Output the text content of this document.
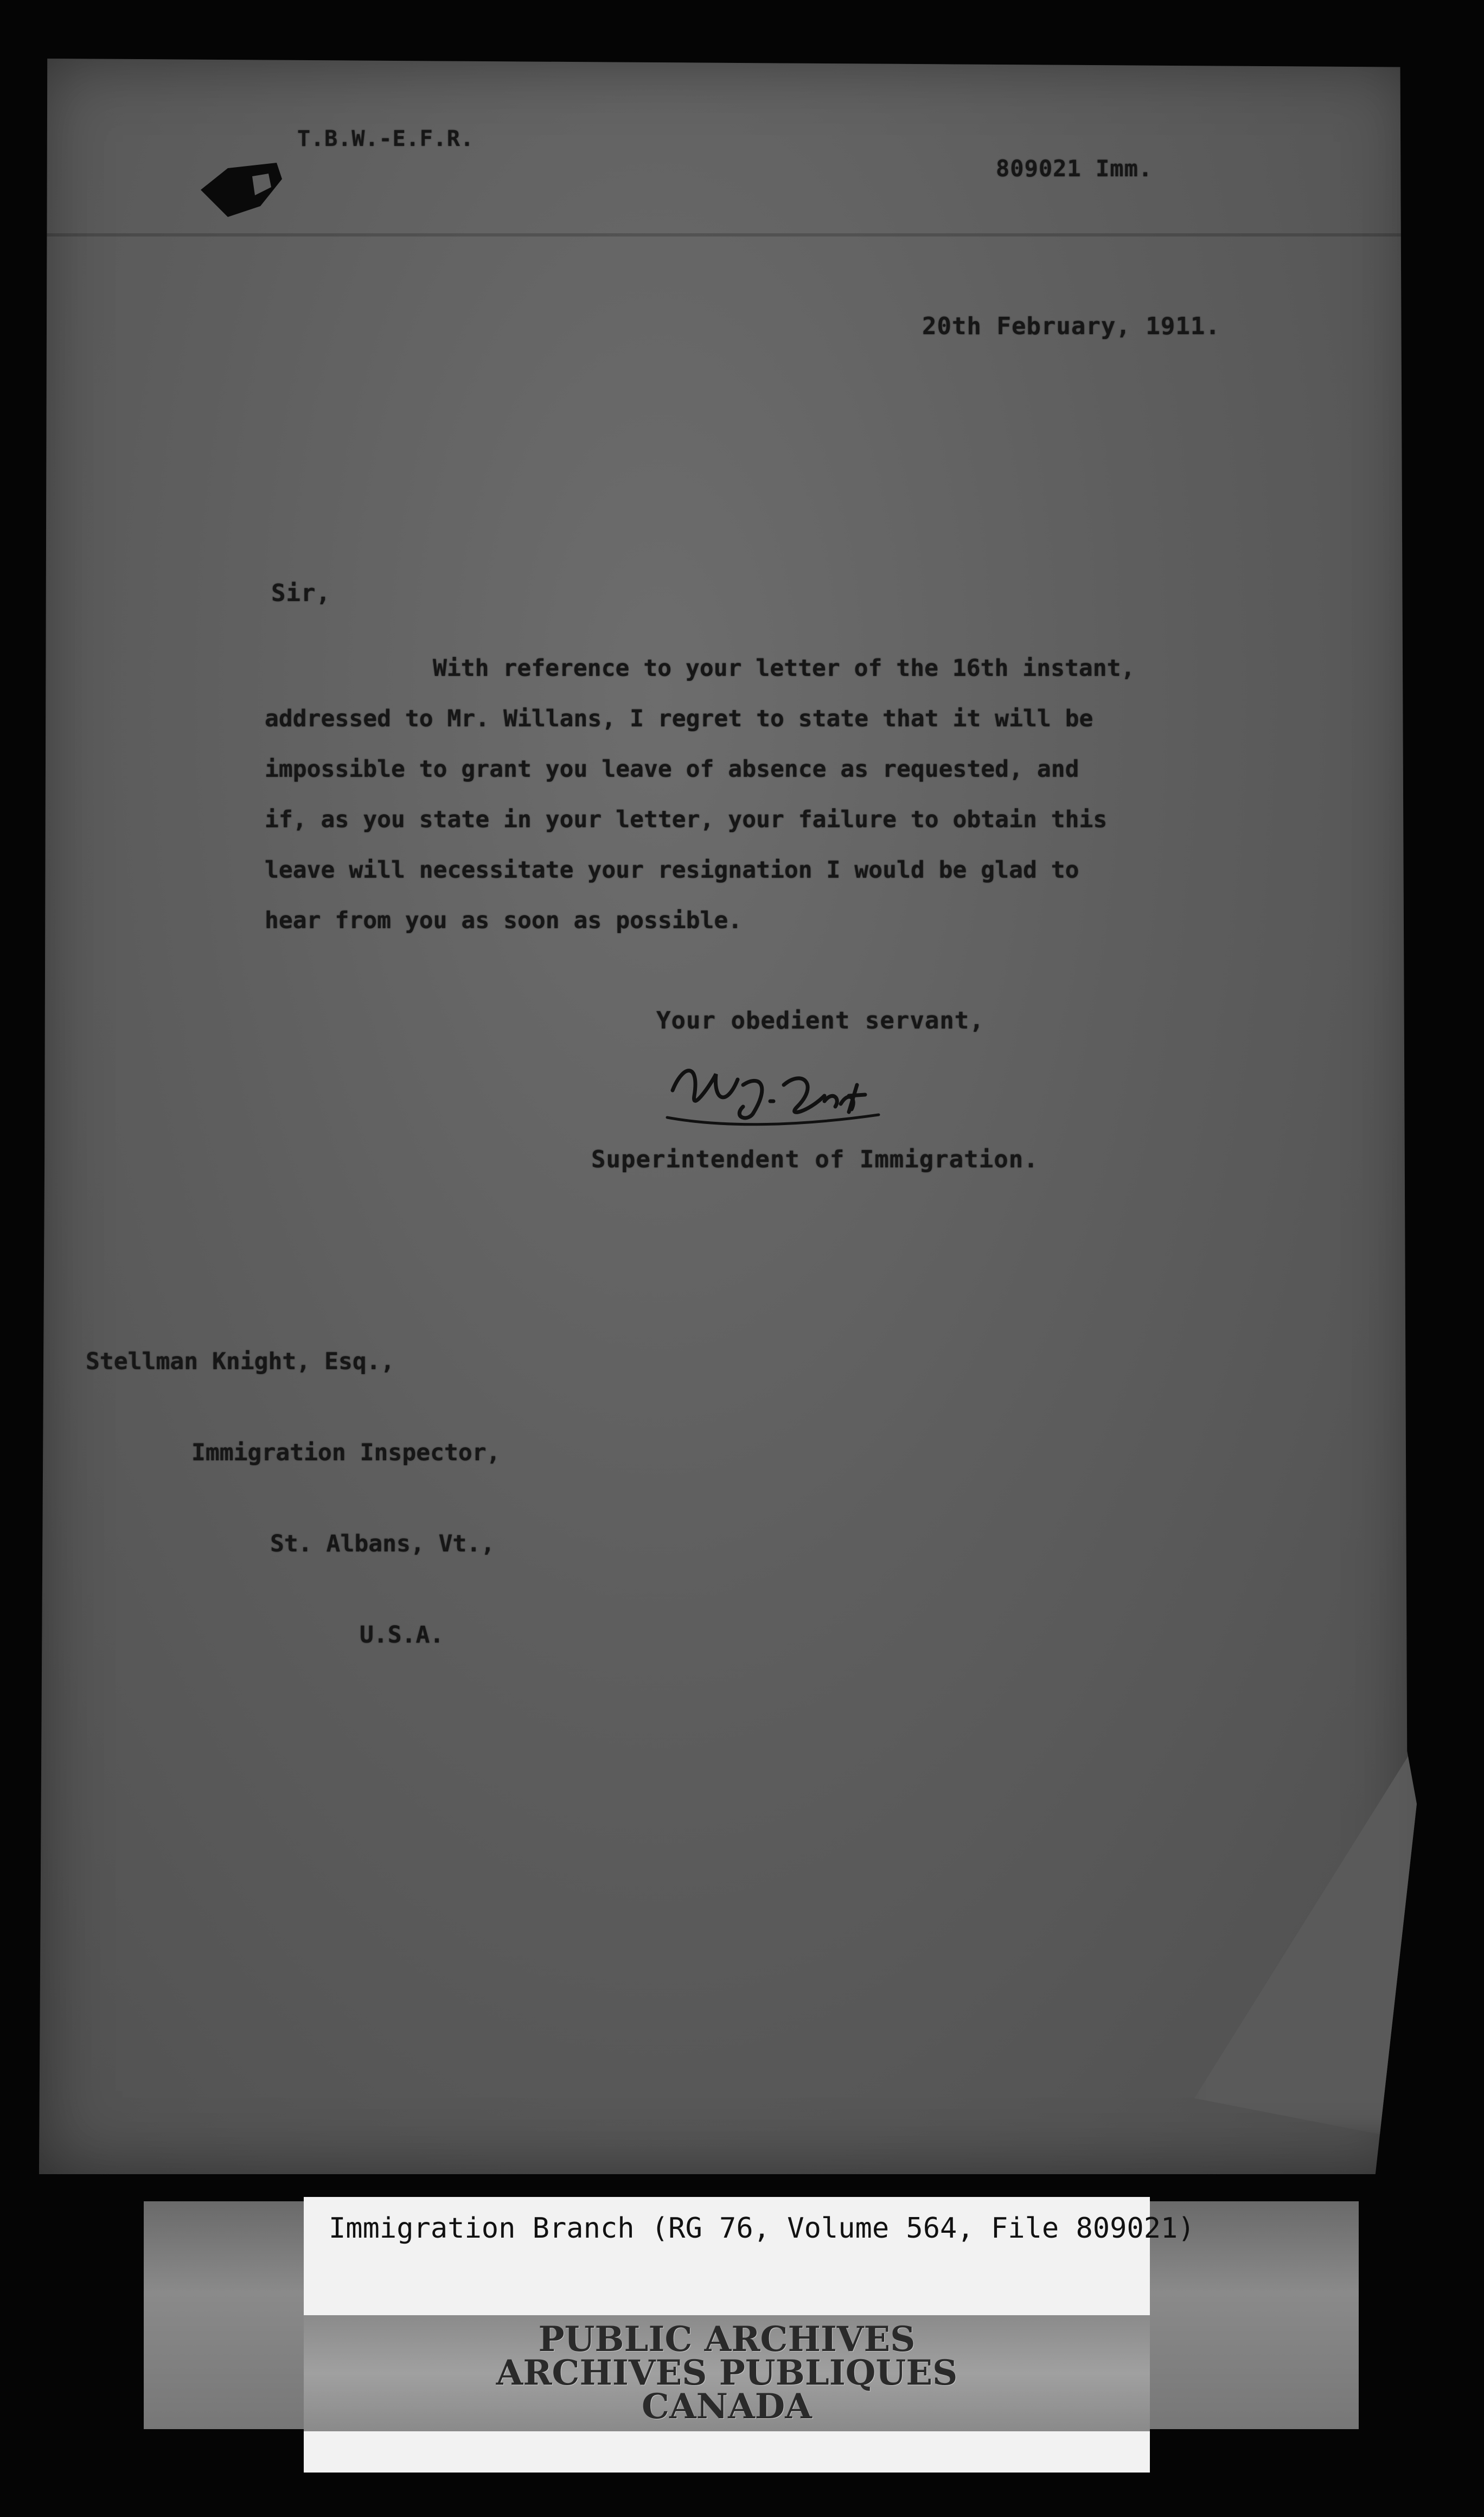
T.B.W.-E.F.R.
809021 Imm.
20th February, 1911.
Sir,
With reference to your letter of the 16th instant,
addressed to Mr. Willans, I regret to state that it will be
impossible to grant you leave of absence as requested, and
if, as you state in your letter, your failure to obtain this
leave will necessitate your resignation I would be glad to
hear from you as soon as possible.
Your obedient servant,
Superintendent of Immigration.

Stellman Knight, Esq.,

Immigration Inspector,

St. Albans, Vt.,

U.S.A.

Immigration Branch (RG 76, Volume 564, File 809021)
PUBLIC ARCHIVES
ARCHIVES PUBLIQUES
CANADA
